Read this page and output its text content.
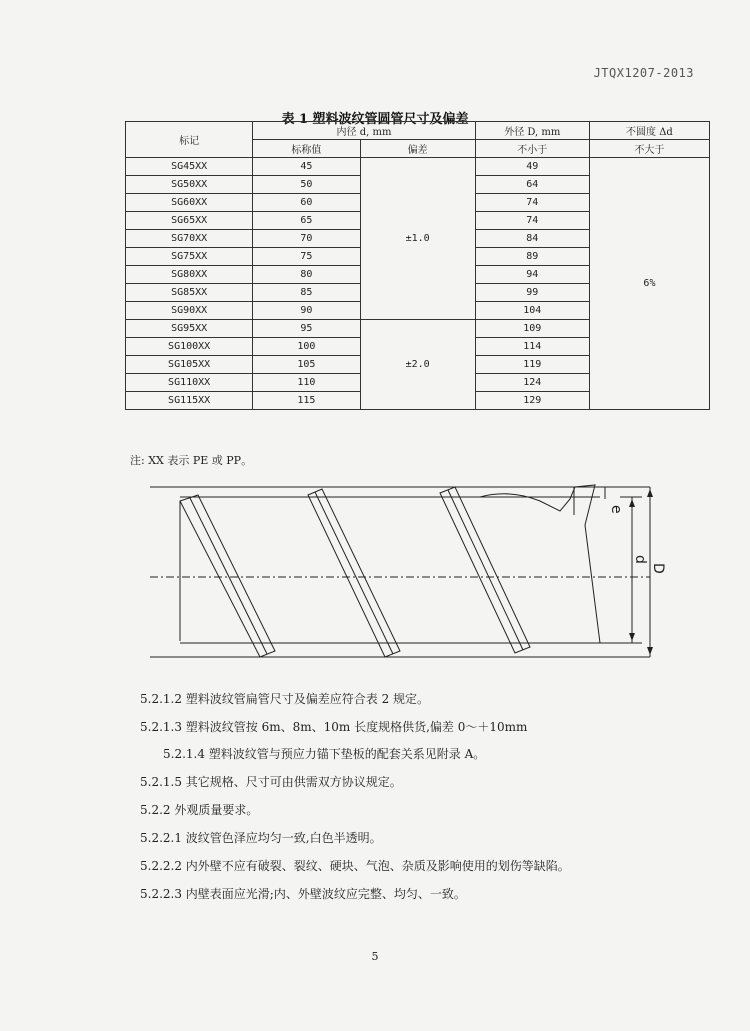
JTQX1207-2013
表 1 塑料波纹管圆管尺寸及偏差
标记	内径 d, mm		外径 D, mm	不圆度 Δd
	标称值	偏差	不小于	不大于
SG45XX	45	±1.0	49	6%
SG50XX	50		64	
SG60XX	60		74	
SG65XX	65		74	
SG70XX	70		84	
SG75XX	75		89	
SG80XX	80		94	
SG85XX	85		99	
SG90XX	90		104	
SG95XX	95	±2.0	109	
SG100XX	100		114	
SG105XX	105		119	
SG110XX	110		124	
SG115XX	115		129	
注: XX 表示 PE 或 PP。
e
d
D
5.2.1.2 塑料波纹管扁管尺寸及偏差应符合表 2 规定。
5.2.1.3 塑料波纹管按 6m、8m、10m 长度规格供货,偏差 0～＋10mm
5.2.1.4 塑料波纹管与预应力锚下垫板的配套关系见附录 A。
5.2.1.5 其它规格、尺寸可由供需双方协议规定。
5.2.2 外观质量要求。
5.2.2.1 波纹管色泽应均匀一致,白色半透明。
5.2.2.2 内外壁不应有破裂、裂纹、硬块、气泡、杂质及影响使用的划伤等缺陷。
5.2.2.3 内壁表面应光滑;内、外壁波纹应完整、均匀、一致。
5
